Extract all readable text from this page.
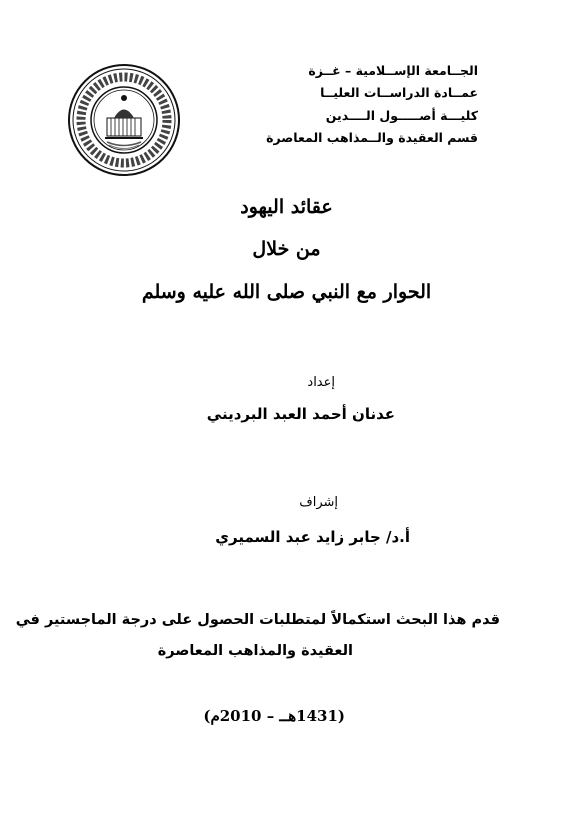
الجــامعة الإســلامية – غــزة
عمــادة الدراســات العليــا
كليـــة أصـــــول الــــدين
قسم العقيدة والــمذاهب المعاصرة
عقائد اليهود
من خلال
الحوار مع النبي صلى الله عليه وسلم
إعداد
عدنان أحمد العبد البرديني
إشراف
أ.د/ جابر زايد عبد السميري
قدم هذا البحث استكمالاً لمتطلبات الحصول على درجة الماجستير في
العقيدة والمذاهب المعاصرة
(1431هــ – 2010م)
